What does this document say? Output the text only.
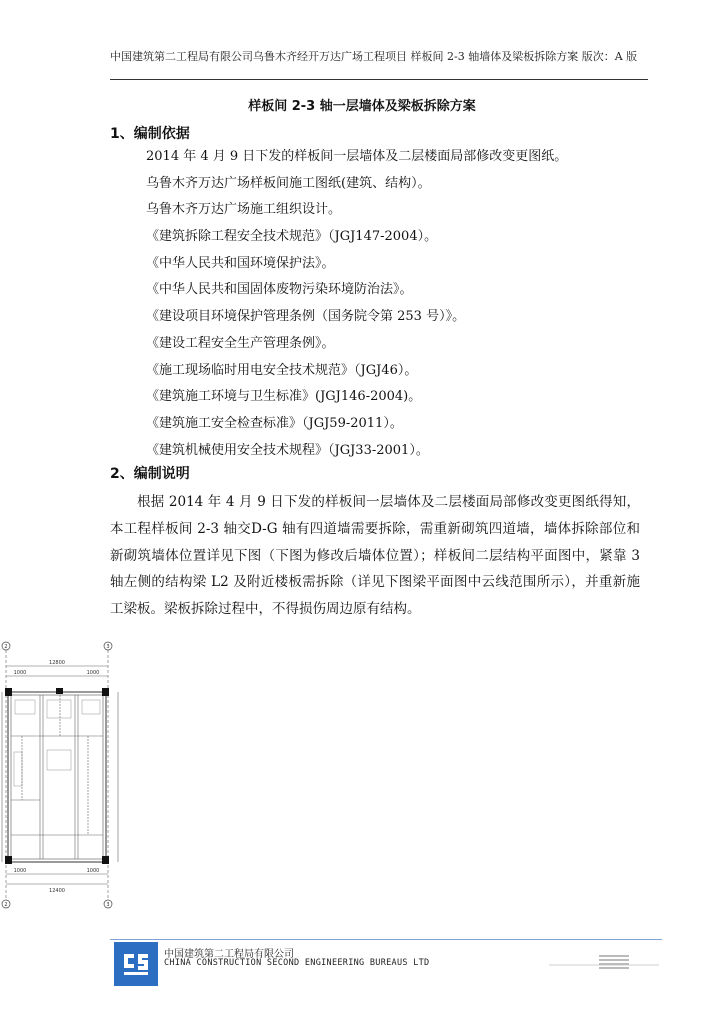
中国建筑第二工程局有限公司乌鲁木齐经开万达广场工程项目 样板间 2-3 轴墙体及梁板拆除方案 版次：A 版
样板间 2-3 轴一层墙体及梁板拆除方案
1、编制依据
2014 年 4 月 9 日下发的样板间一层墙体及二层楼面局部修改变更图纸。
乌鲁木齐万达广场样板间施工图纸(建筑、结构）。
乌鲁木齐万达广场施工组织设计。
《建筑拆除工程安全技术规范》（JGJ147-2004）。
《中华人民共和国环境保护法》。
《中华人民共和国固体废物污染环境防治法》。
《建设项目环境保护管理条例（国务院令第 253 号）》。
《建设工程安全生产管理条例》。
《施工现场临时用电安全技术规范》（JGJ46）。
《建筑施工环境与卫生标准》(JGJ146-2004)。
《建筑施工安全检查标准》（JGJ59-2011）。
《建筑机械使用安全技术规程》（JGJ33-2001）。
2、编制说明

根据 2014 年 4 月 9 日下发的样板间一层墙体及二层楼面局部修改变更图纸得知，本工程样板间 2-3 轴交D-G 轴有四道墙需要拆除，需重新砌筑四道墙，墙体拆除部位和新砌筑墙体位置详见下图（下图为修改后墙体位置）；样板间二层结构平面图中，紧靠 3 轴左侧的结构梁 L2 及附近楼板需拆除（详见下图梁平面图中云线范围所示），并重新施工梁板。梁板拆除过程中，不得损伤周边原有结构。

2	3
2	3
12800
1000	1000
1000	1000
12400
中国建筑第二工程局有限公司
CHINA CONSTRUCTION SECOND ENGINEERING BUREAUS LTD
